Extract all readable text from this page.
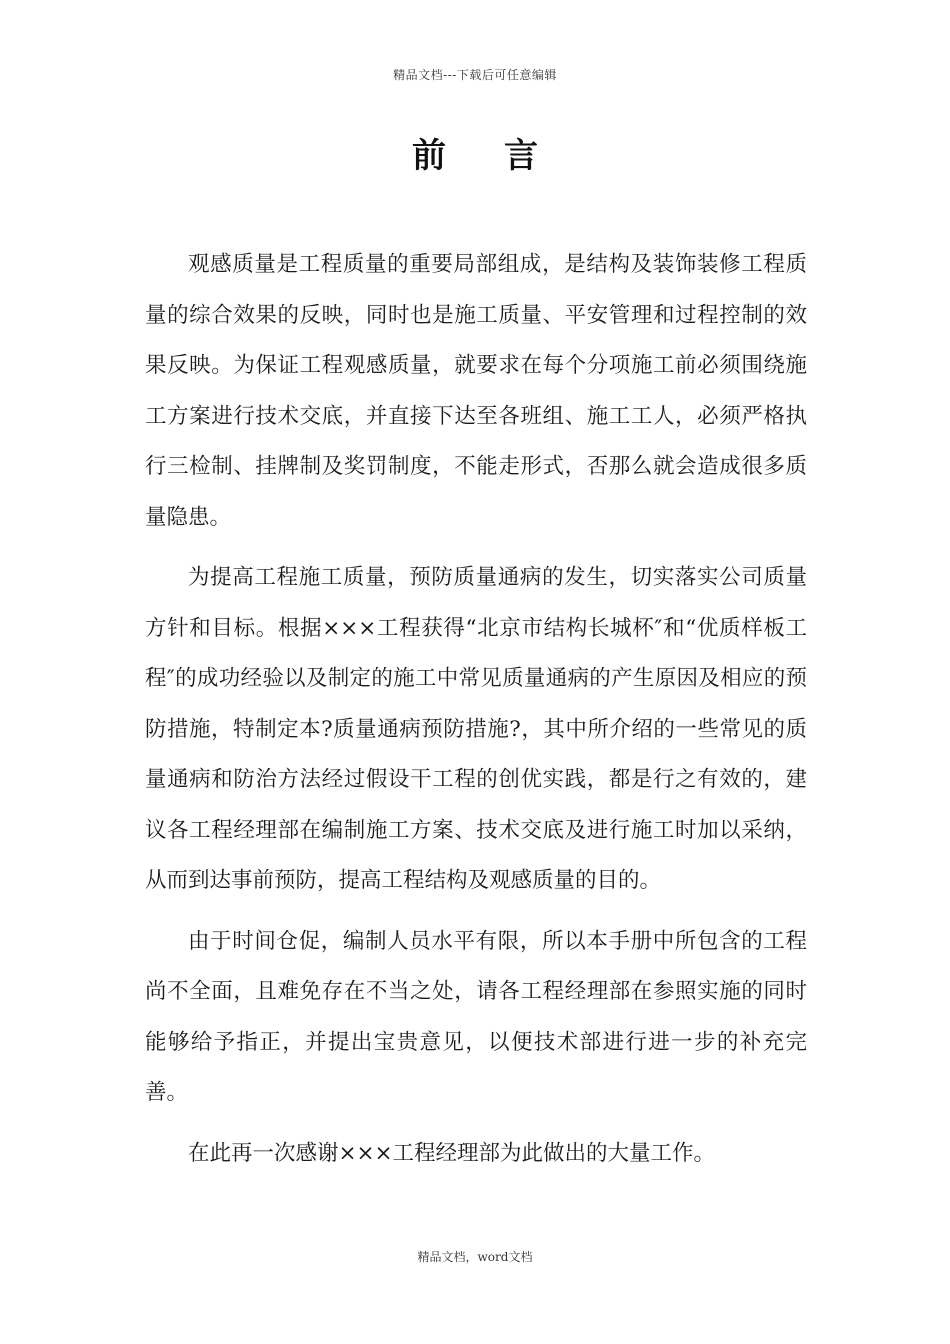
精品文档---下载后可任意编辑
前言

观感质量是工程质量的重要局部组成，是结构及装饰装修工程质量的综合效果的反映，同时也是施工质量、平安管理和过程控制的效果反映。为保证工程观感质量，就要求在每个分项施工前必须围绕施工方案进行技术交底，并直接下达至各班组、施工工人，必须严格执行三检制、挂牌制及奖罚制度，不能走形式，否那么就会造成很多质量隐患。

为提高工程施工质量，预防质量通病的发生，切实落实公司质量方针和目标。根据×××工程获得“北京市结构长城杯″和“优质样板工程″的成功经验以及制定的施工中常见质量通病的产生原因及相应的预防措施，特制定本?质量通病预防措施?，其中所介绍的一些常见的质量通病和防治方法经过假设干工程的创优实践，都是行之有效的，建议各工程经理部在编制施工方案、技术交底及进行施工时加以采纳，从而到达事前预防，提高工程结构及观感质量的目的。

由于时间仓促，编制人员水平有限，所以本手册中所包含的工程尚不全面，且难免存在不当之处，请各工程经理部在参照实施的同时能够给予指正，并提出宝贵意见，以便技术部进行进一步的补充完善。

在此再一次感谢×××工程经理部为此做出的大量工作。

精品文档，word文档
